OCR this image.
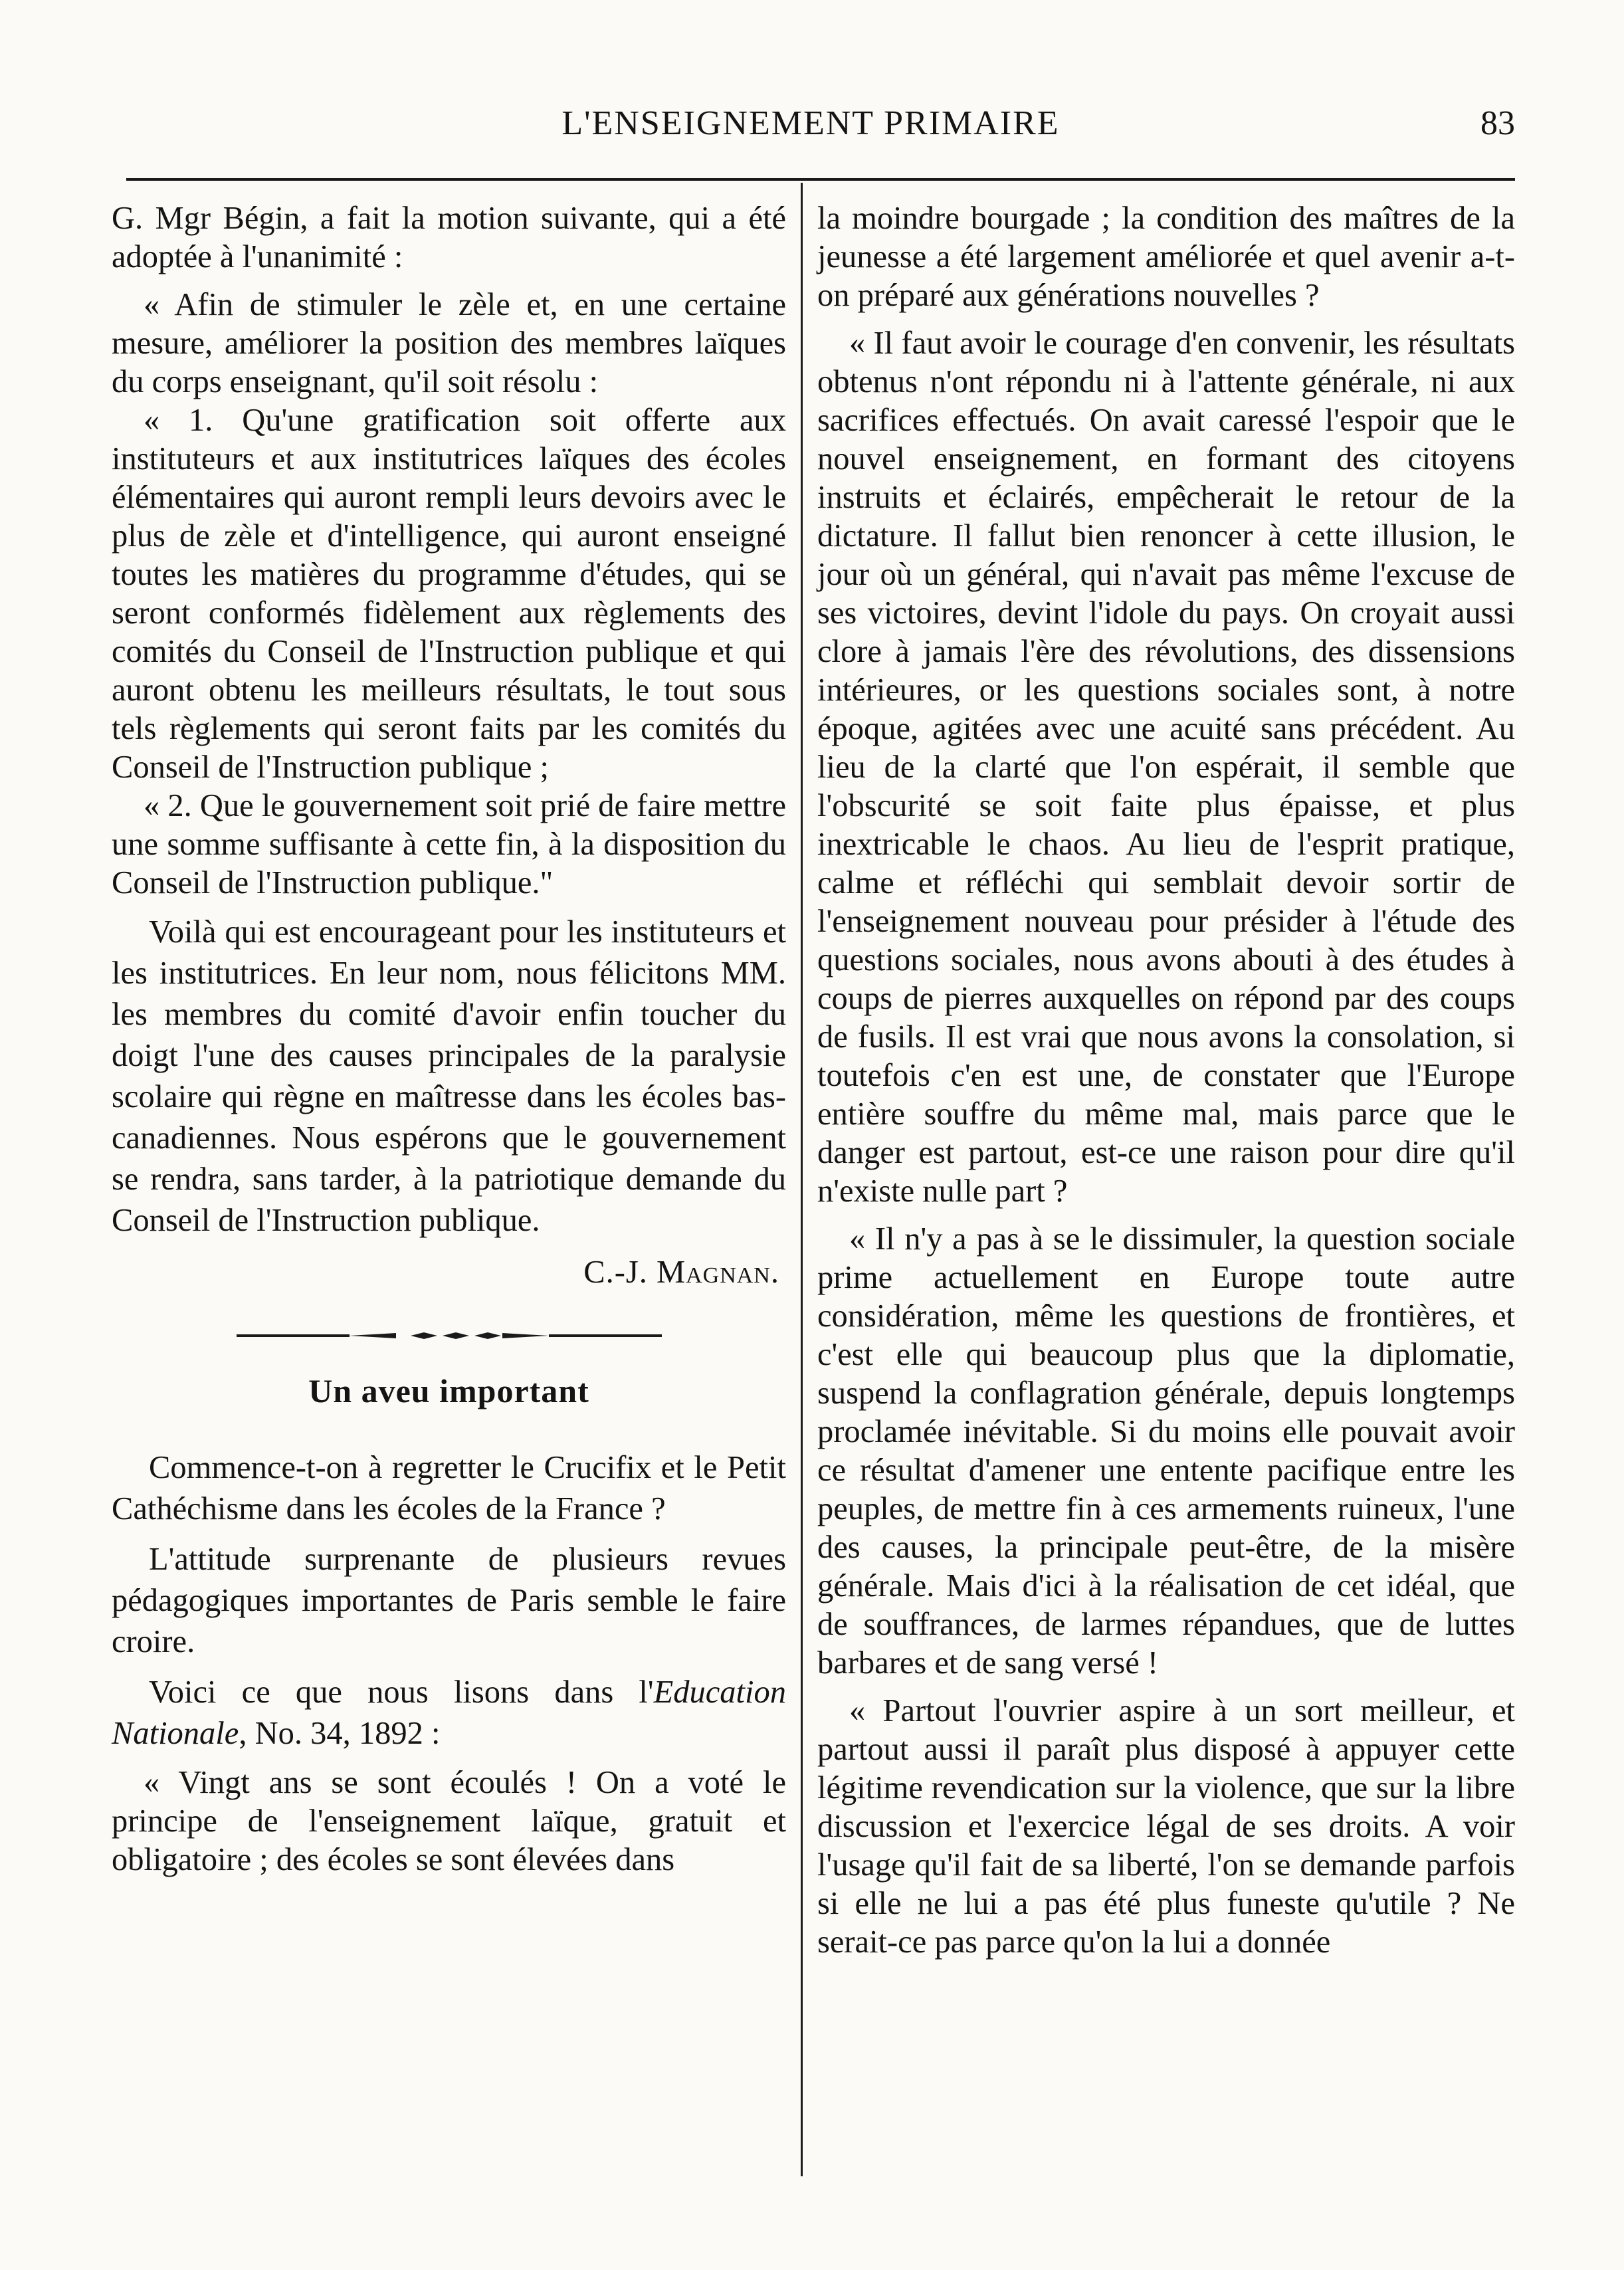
L'ENSEIGNEMENT PRIMAIRE	83

G. Mgr Bégin, a fait la motion suivante, qui a été adoptée à l'unanimité :

« Afin de stimuler le zèle et, en une certaine mesure, améliorer la position des membres laïques du corps enseignant, qu'il soit résolu :

« 1. Qu'une gratification soit offerte aux instituteurs et aux institutrices laïques des écoles élémentaires qui auront rempli leurs devoirs avec le plus de zèle et d'intelligence, qui auront enseigné toutes les matières du programme d'études, qui se seront conformés fidèlement aux règlements des comités du Conseil de l'Instruction publique et qui auront obtenu les meilleurs résultats, le tout sous tels règlements qui seront faits par les comités du Conseil de l'Instruction publique ;

« 2. Que le gouvernement soit prié de faire mettre une somme suffisante à cette fin, à la disposition du Conseil de l'Instruction publique."

Voilà qui est encourageant pour les instituteurs et les institutrices. En leur nom, nous félicitons MM. les membres du comité d'avoir enfin toucher du doigt l'une des causes principales de la paralysie scolaire qui règne en maîtresse dans les écoles bas-canadiennes. Nous espérons que le gouvernement se rendra, sans tarder, à la patriotique demande du Conseil de l'Instruction publique.

C.-J. Magnan.
Un aveu important

Commence-t-on à regretter le Crucifix et le Petit Cathéchisme dans les écoles de la France ?

L'attitude surprenante de plusieurs revues pédagogiques importantes de Paris semble le faire croire.

Voici ce que nous lisons dans l'Education Nationale, No. 34, 1892 :

« Vingt ans se sont écoulés ! On a voté le principe de l'enseignement laïque, gratuit et obligatoire ; des écoles se sont élevées dans

la moindre bourgade ; la condition des maîtres de la jeunesse a été largement améliorée et quel avenir a-t-on préparé aux générations nouvelles ?

« Il faut avoir le courage d'en convenir, les résultats obtenus n'ont répondu ni à l'attente générale, ni aux sacrifices effectués. On avait caressé l'espoir que le nouvel enseignement, en formant des citoyens instruits et éclairés, empêcherait le retour de la dictature. Il fallut bien renoncer à cette illusion, le jour où un général, qui n'avait pas même l'excuse de ses victoires, devint l'idole du pays. On croyait aussi clore à jamais l'ère des révolutions, des dissensions intérieures, or les questions sociales sont, à notre époque, agitées avec une acuité sans précédent. Au lieu de la clarté que l'on espérait, il semble que l'obscurité se soit faite plus épaisse, et plus inextricable le chaos. Au lieu de l'esprit pratique, calme et réfléchi qui semblait devoir sortir de l'enseignement nouveau pour présider à l'étude des questions sociales, nous avons abouti à des études à coups de pierres auxquelles on répond par des coups de fusils. Il est vrai que nous avons la consolation, si toutefois c'en est une, de constater que l'Europe entière souffre du même mal, mais parce que le danger est partout, est-ce une raison pour dire qu'il n'existe nulle part ?

« Il n'y a pas à se le dissimuler, la question sociale prime actuellement en Europe toute autre considération, même les questions de frontières, et c'est elle qui beaucoup plus que la diplomatie, suspend la conflagration générale, depuis longtemps proclamée inévitable. Si du moins elle pouvait avoir ce résultat d'amener une entente pacifique entre les peuples, de mettre fin à ces armements ruineux, l'une des causes, la principale peut-être, de la misère générale. Mais d'ici à la réalisation de cet idéal, que de souffrances, de larmes répandues, que de luttes barbares et de sang versé !

« Partout l'ouvrier aspire à un sort meilleur, et partout aussi il paraît plus disposé à appuyer cette légitime revendication sur la violence, que sur la libre discussion et l'exercice légal de ses droits. A voir l'usage qu'il fait de sa liberté, l'on se demande parfois si elle ne lui a pas été plus funeste qu'utile ? Ne serait-ce pas parce qu'on la lui a donnée
